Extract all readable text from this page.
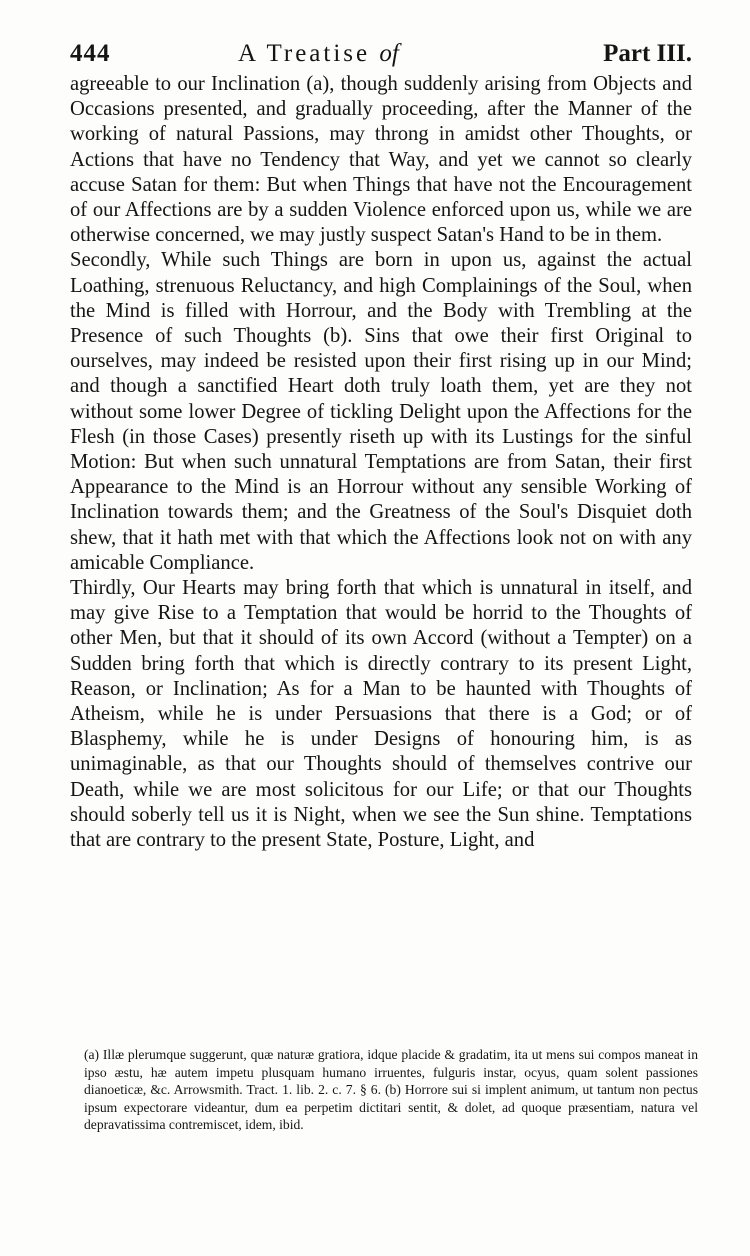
444	A Treatise of	Part III.

agreeable to our Inclination (a), though suddenly arising from Objects and Occasions presented, and gradually proceeding, after the Manner of the working of natural Passions, may throng in amidst other Thoughts, or Actions that have no Tendency that Way, and yet we cannot so clearly accuse Satan for them: But when Things that have not the Encouragement of our Affections are by a sudden Violence enforced upon us, while we are otherwise concerned, we may justly suspect Satan's Hand to be in them.

Secondly, While such Things are born in upon us, against the actual Loathing, strenuous Reluctancy, and high Complainings of the Soul, when the Mind is filled with Horrour, and the Body with Trembling at the Presence of such Thoughts (b). Sins that owe their first Original to ourselves, may indeed be resisted upon their first rising up in our Mind; and though a sanctified Heart doth truly loath them, yet are they not without some lower Degree of tickling Delight upon the Affections for the Flesh (in those Cases) presently riseth up with its Lustings for the sinful Motion: But when such unnatural Temptations are from Satan, their first Appearance to the Mind is an Horrour without any sensible Working of Inclination towards them; and the Greatness of the Soul's Disquiet doth shew, that it hath met with that which the Affections look not on with any amicable Compliance.

Thirdly, Our Hearts may bring forth that which is unnatural in itself, and may give Rise to a Temptation that would be horrid to the Thoughts of other Men, but that it should of its own Accord (without a Tempter) on a Sudden bring forth that which is directly contrary to its present Light, Reason, or Inclination; As for a Man to be haunted with Thoughts of Atheism, while he is under Persuasions that there is a God; or of Blasphemy, while he is under Designs of honouring him, is as unimaginable, as that our Thoughts should of themselves contrive our Death, while we are most solicitous for our Life; or that our Thoughts should soberly tell us it is Night, when we see the Sun shine. Temptations that are contrary to the present State, Posture, Light, and

(a) Illæ plerumque suggerunt, quæ naturæ gratiora, idque placide & gradatim, ita ut mens sui compos maneat in ipso æstu, hæ autem impetu plusquam humano irruentes, fulguris instar, ocyus, quam solent passiones dianoeticæ, &c. Arrowsmith. Tract. 1. lib. 2. c. 7. § 6. (b) Horrore sui si implent animum, ut tantum non pectus ipsum expectorare videantur, dum ea perpetim dictitari sentit, & dolet, ad quoque præsentiam, natura vel depravatissima contremiscet, idem, ibid.
